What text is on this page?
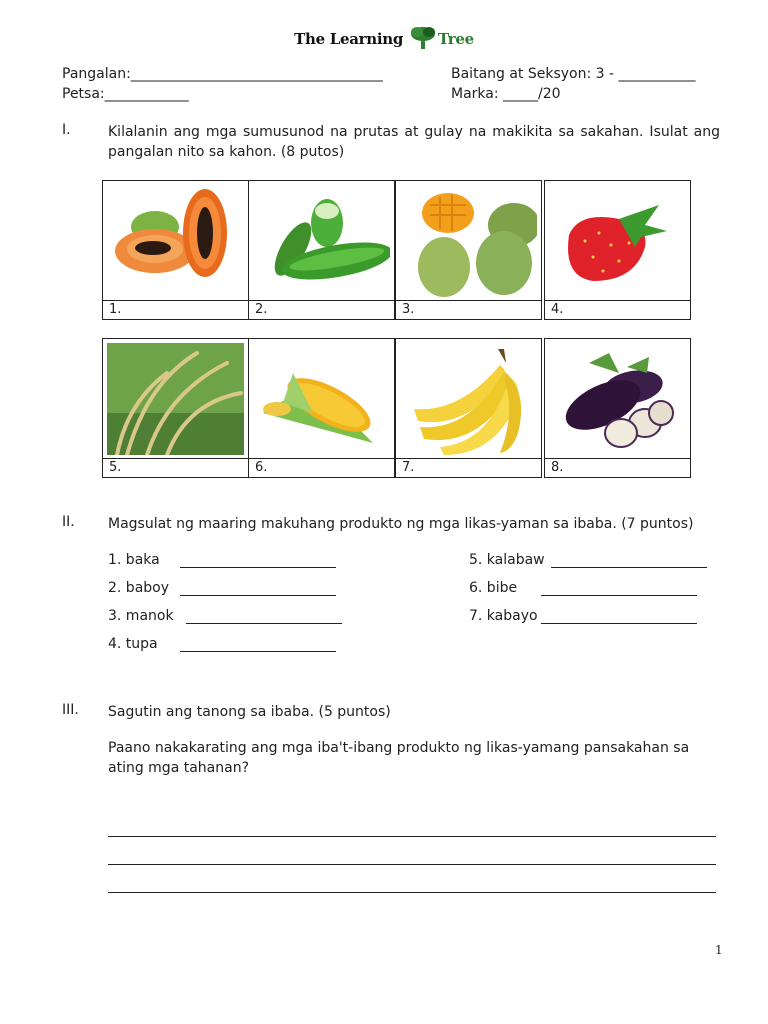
The Learning Tree
Pangalan:____________________________________	Baitang at Seksyon: 3 - ___________
Petsa:____________	Marka: _____/20
I.	Kilalanin ang mga sumusunod na prutas at gulay na makikita sa sakahan. Isulat ang pangalan nito sa kahon. (8 putos)
1.	2.	3.	4.
5.	6.	7.	8.
II. Magsulat ng maaring makuhang produkto ng mga likas-yaman sa ibaba. (7 puntos)
1. baka
2. baboy
3. manok
4. tupa
5. kalabaw
6. bibe
7. kabayo
III. Sagutin ang tanong sa ibaba. (5 puntos)
Paano nakakarating ang mga iba't-ibang produkto ng likas-yamang pansakahan sa ating mga tahanan?
1
